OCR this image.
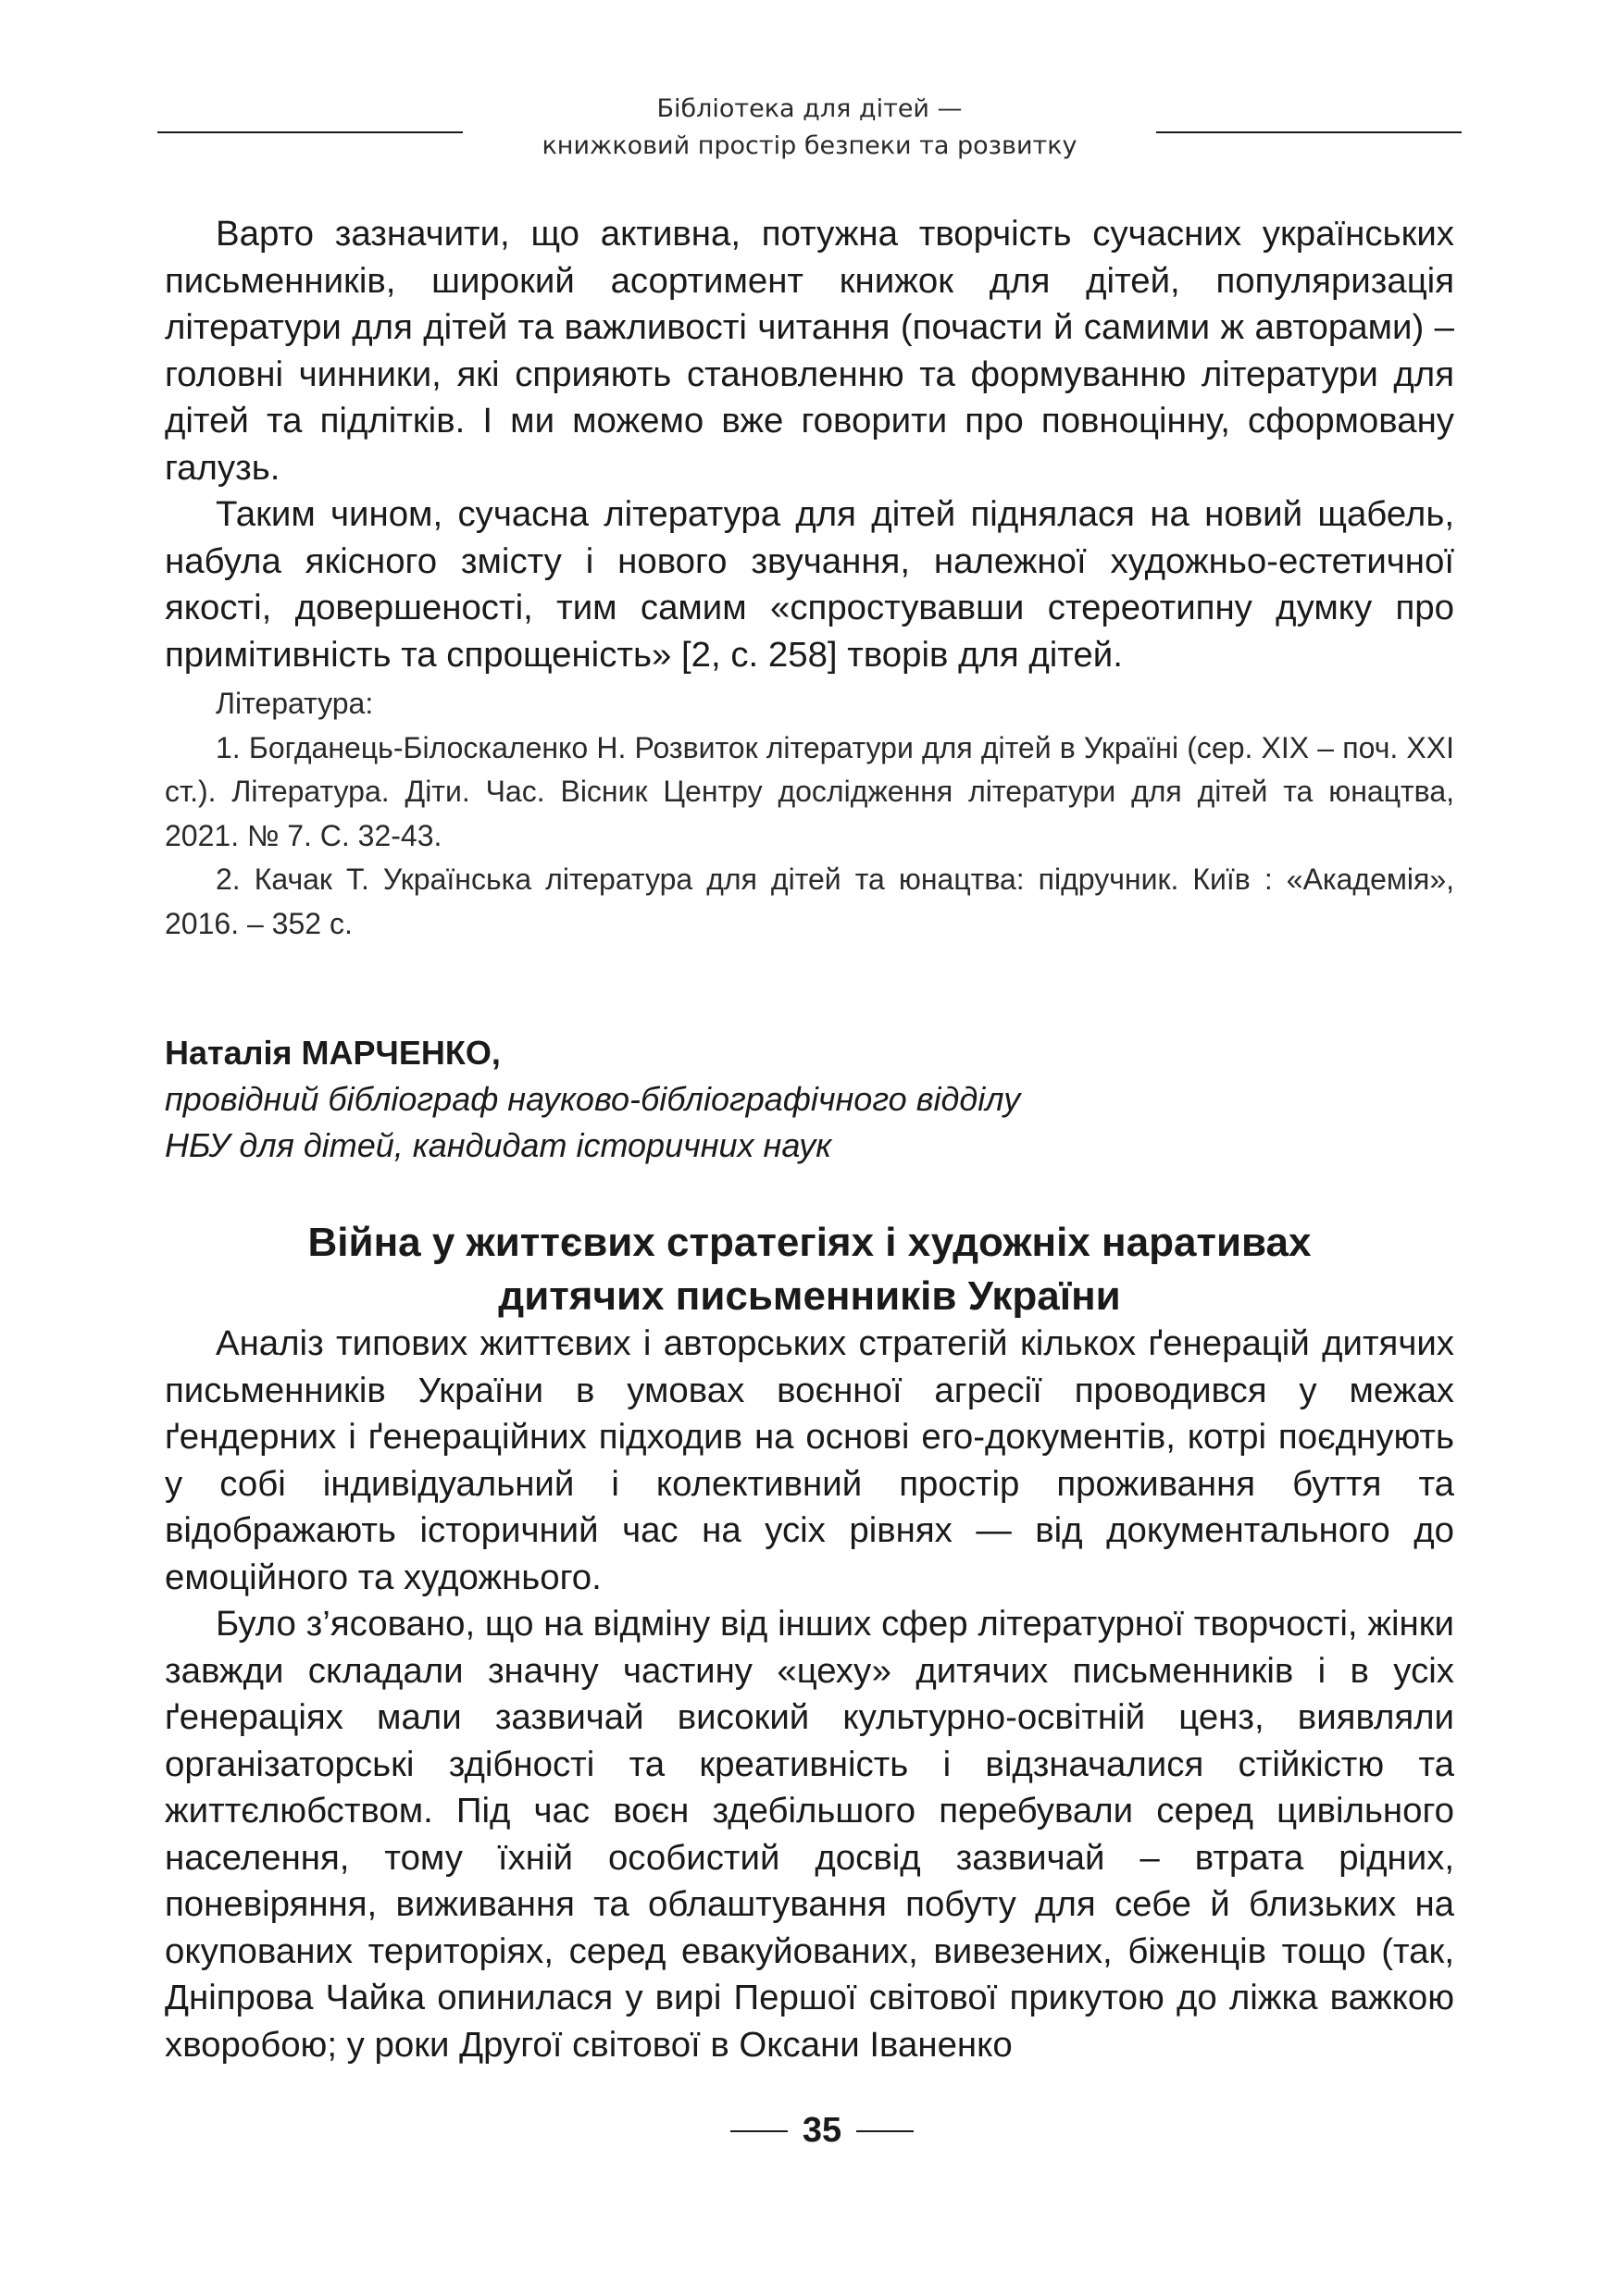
Бібліотека для дітей —
книжковий простір безпеки та розвитку

Варто зазначити, що активна, потужна творчість сучасних українських письменників, широкий асортимент книжок для дітей, популяризація літератури для дітей та важливості читання (почасти й самими ж авторами) – головні чинники, які сприяють становленню та формуванню літератури для дітей та підлітків. І ми можемо вже говорити про повноцінну, сформовану галузь.

Таким чином, сучасна література для дітей піднялася на новий щабель, набула якісного змісту і нового звучання, належної художньо-естетичної якості, довершеності, тим самим «спростувавши стереотипну думку про примітивність та спрощеність» [2, с. 258] творів для дітей.

Література:

1. Богданець-Білоскаленко Н. Розвиток літератури для дітей в Україні (сер. XIX – поч. XXI ст.). Література. Діти. Час. Вісник Центру дослідження літератури для дітей та юнацтва, 2021. № 7. С. 32-43.

2. Качак Т. Українська література для дітей та юнацтва: підручник. Київ : «Академія», 2016. – 352 с.

Наталія МАРЧЕНКО,

провідний бібліограф науково-бібліографічного відділу

НБУ для дітей, кандидат історичних наук

Війна у життєвих стратегіях і художніх наративах
дитячих письменників України

Аналіз типових життєвих і авторських стратегій кількох ґенерацій дитячих письменників України в умовах воєнної агресії проводився у межах ґендерних і ґенераційних підходив на основі его-документів, котрі поєднують у собі індивідуальний і колективний простір проживання буття та відображають історичний час на усіх рівнях — від документального до емоційного та художнього.

Було з’ясовано, що на відміну від інших сфер літературної творчості, жінки завжди складали значну частину «цеху» дитячих письменників і в усіх ґенераціях мали зазвичай високий культурно-освітній ценз, виявляли організаторські здібності та креативність і відзначалися стійкістю та життєлюбством. Під час воєн здебільшого перебували серед цивільного населення, тому їхній особистий досвід зазвичай – втрата рідних, поневіряння, виживання та облаштування побуту для себе й близьких на окупованих територіях, серед евакуйованих, вивезених, біженців тощо (так, Дніпрова Чайка опинилася у вирі Першої світової прикутою до ліжка важкою хворобою; у роки Другої світової в Оксани Іваненко

35
